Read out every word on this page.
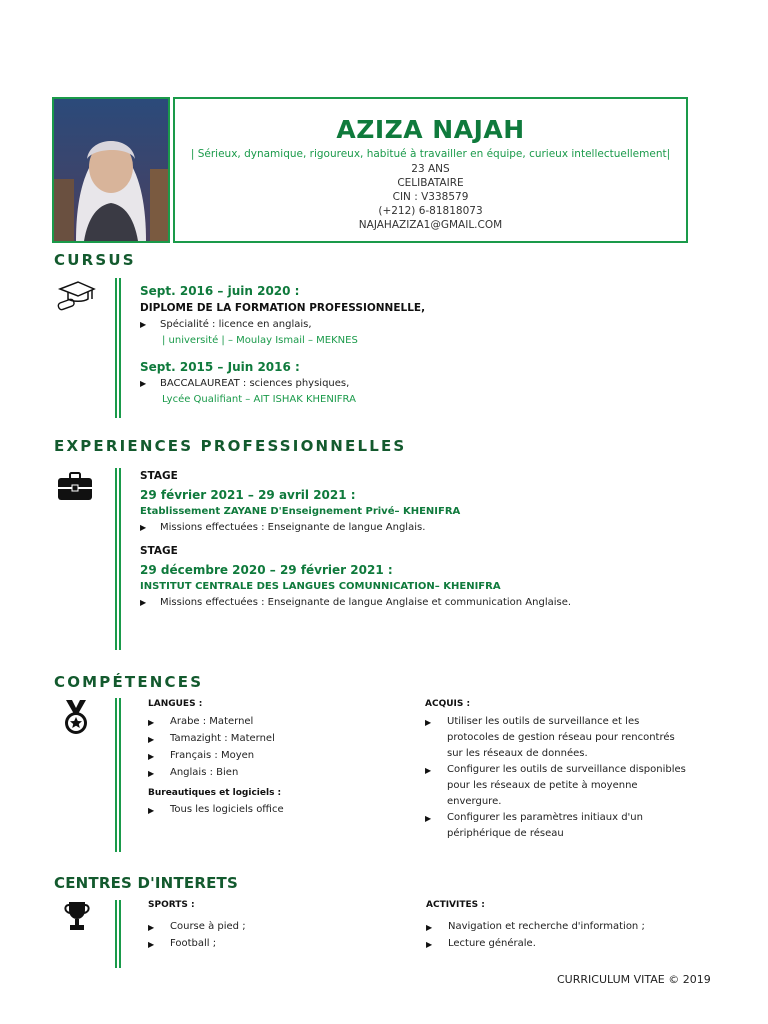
AZIZA NAJAH
| Sérieux, dynamique, rigoureux, habitué à travailler en équipe, curieux intellectuellement|
23 ANS
CELIBATAIRE
CIN : V338579
(+212) 6-81818073
NAJAHAZIZA1@GMAIL.COM
CURSUS
Sept. 2016 – juin 2020 :
DIPLOME DE LA FORMATION PROFESSIONNELLE,
▶ Spécialité : licence en anglais,
| université | – Moulay Ismail – MEKNES
Sept. 2015 – Juin 2016 :
▶ BACCALAUREAT : sciences physiques,
Lycée Qualifiant – AIT ISHAK KHENIFRA
EXPERIENCES PROFESSIONNELLES
STAGE
29 février 2021 – 29 avril 2021 :
Etablissement ZAYANE D'Enseignement Privé– KHENIFRA
▶ Missions effectuées : Enseignante de langue Anglais.
STAGE
29 décembre 2020 – 29 février 2021 :
INSTITUT CENTRALE DES LANGUES COMUNNICATION– KHENIFRA
▶ Missions effectuées : Enseignante de langue Anglaise et communication Anglaise.
COMPÉTENCES
LANGUES :
▶	Arabe : Maternel
▶	Tamazight : Maternel
▶	Français : Moyen
▶	Anglais : Bien
Bureautiques et logiciels :
▶	Tous les logiciels office
ACQUIS :
▶	Utiliser les outils de surveillance et les protocoles de gestion réseau pour rencontrés sur les réseaux de données.
▶	Configurer les outils de surveillance disponibles pour les réseaux de petite à moyenne envergure.
▶	Configurer les paramètres initiaux d'un périphérique de réseau
CENTRES D'INTERETS
SPORTS :
▶	Course à pied ;
▶	Football ;
ACTIVITES :
▶	Navigation et recherche d'information ;
▶	Lecture générale.
CURRICULUM VITAE © 2019
